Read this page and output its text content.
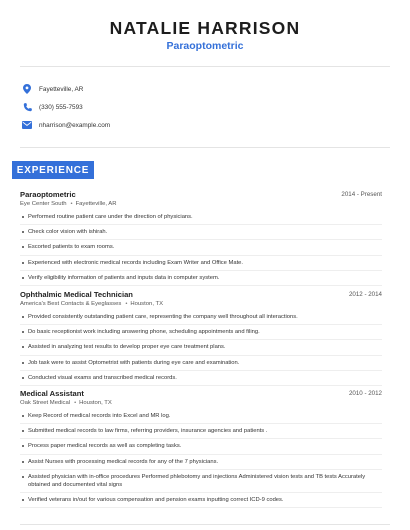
NATALIE HARRISON
Paraoptometric
Fayetteville, AR
(330) 555-7593
nharrison@example.com
EXPERIENCE
Paraoptometric	2014 - Present
Eye Center South • Fayetteville, AR
Performed routine patient care under the direction of physicians.
Check color vision with ishirah.
Escorted patients to exam rooms.
Experienced with electronic medical records including Exam Writer and Office Mate.
Verify eligibility information of patients and inputs data in computer system.
Ophthalmic Medical Technician	2012 - 2014
America's Best Contacts & Eyeglasses • Houston, TX
Provided consistently outstanding patient care, representing the company well throughout all interactions.
Do basic receptionist work including answering phone, scheduling appointments and filing.
Assisted in analyzing test results to develop proper eye care treatment plans.
Job task were to assist Optometrist with patients during eye care and examination.
Conducted visual exams and transcribed medical records.
Medical Assistant	2010 - 2012
Oak Street Medical • Houston, TX
Keep Record of medical records into Excel and MR log.
Submitted medical records to law firms, referring providers, insurance agencies and patients .
Process paper medical records as well as completing tasks.
Assist Nurses with processing medical records for any of the 7 physicians.
Assisted physician with in-office procedures Performed phlebotomy and injections Administered vision tests and TB tests Accurately obtained and documented vital signs
Verified veterans in/out for various compensation and pension exams inputting correct ICD-9 codes.
